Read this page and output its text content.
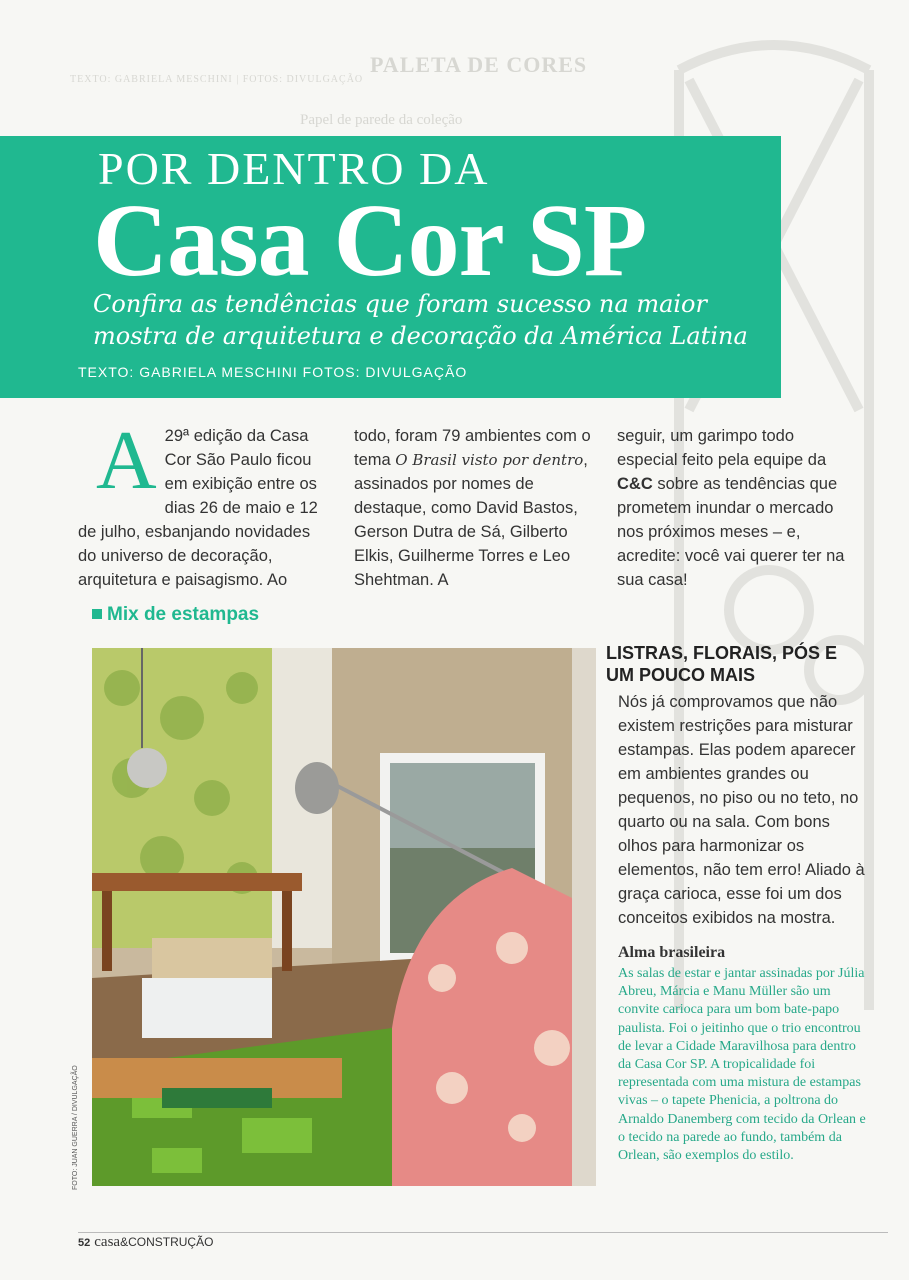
PALETA DE CORES
TEXTO: GABRIELA MESCHINI | FOTOS: DIVULGAÇÃO
Papel de parede da coleção
POR DENTRO DA
Casa Cor SP
Confira as tendências que foram sucesso na maior mostra de arquitetura e decoração da América Latina
TEXTO: GABRIELA MESCHINI FOTOS: DIVULGAÇÃO
A 29ª edição da Casa Cor São Paulo ficou em exibição entre os dias 26 de maio e 12 de julho, esbanjando novidades do universo de decoração, arquitetura e paisagismo. Ao
todo, foram 79 ambientes com o tema O Brasil visto por dentro, assinados por nomes de destaque, como David Bastos, Gerson Dutra de Sá, Gilberto Elkis, Guilherme Torres e Leo Shehtman. A
seguir, um garimpo todo especial feito pela equipe da C&C sobre as tendências que prometem inundar o mercado nos próximos meses – e, acredite: você vai querer ter na sua casa!
Mix de estampas
FOTO: JUAN GUERRA / DIVULGAÇÃO
LISTRAS, FLORAIS, PÓS E UM POUCO MAIS
Nós já comprovamos que não existem restrições para misturar estampas. Elas podem aparecer em ambientes grandes ou pequenos, no piso ou no teto, no quarto ou na sala. Com bons olhos para harmonizar os elementos, não tem erro! Aliado à graça carioca, esse foi um dos conceitos exibidos na mostra.
Alma brasileira
As salas de estar e jantar assinadas por Júlia Abreu, Márcia e Manu Müller são um convite carioca para um bom bate-papo paulista. Foi o jeitinho que o trio encontrou de levar a Cidade Maravilhosa para dentro da Casa Cor SP. A tropicalidade foi representada com uma mistura de estampas vivas – o tapete Phenicia, a poltrona do Arnaldo Danemberg com tecido da Orlean e o tecido na parede ao fundo, também da Orlean, são exemplos do estilo.
52 casa&CONSTRUÇÃO
